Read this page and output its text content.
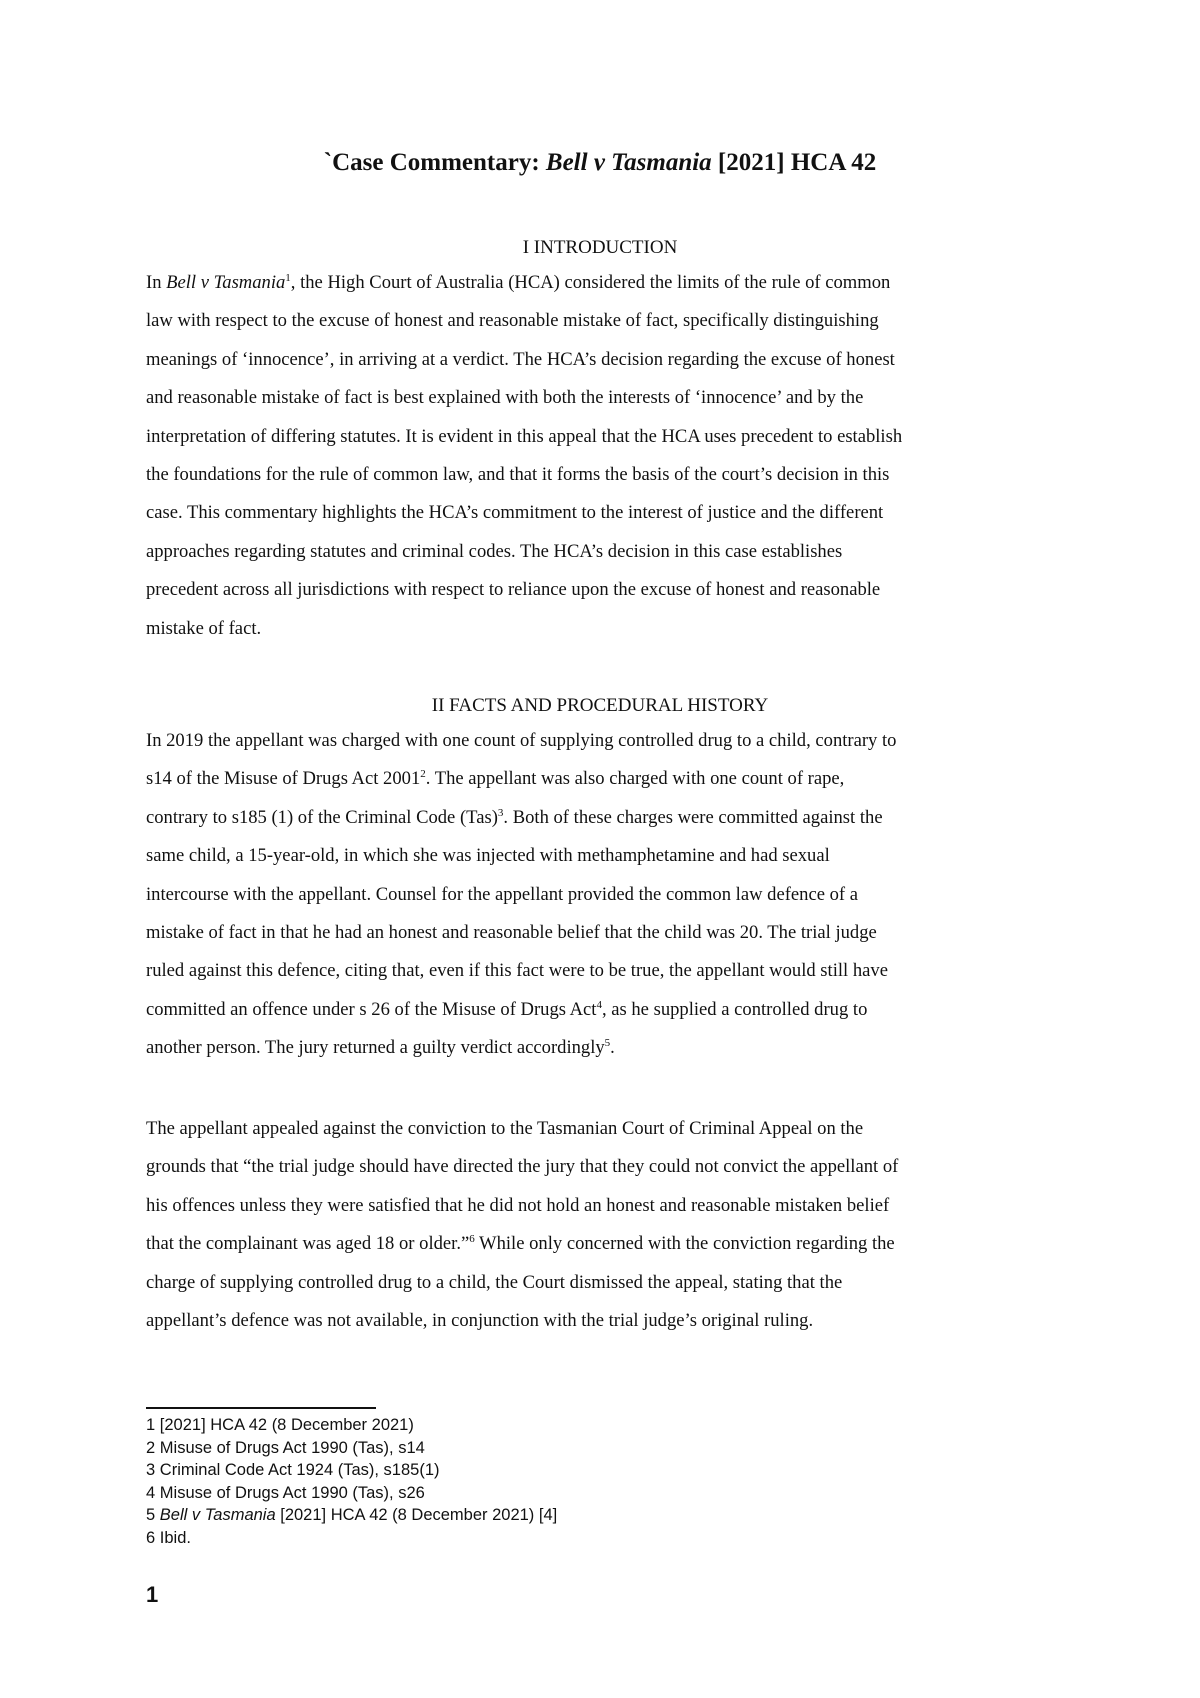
`Case Commentary: Bell v Tasmania [2021] HCA 42
I INTRODUCTION
In Bell v Tasmania$^1$, the High Court of Australia (HCA) considered the limits of the rule of common
law with respect to the excuse of honest and reasonable mistake of fact, specifically distinguishing
meanings of ‘innocence’, in arriving at a verdict. The HCA’s decision regarding the excuse of honest
and reasonable mistake of fact is best explained with both the interests of ‘innocence’ and by the
interpretation of differing statutes. It is evident in this appeal that the HCA uses precedent to establish
the foundations for the rule of common law, and that it forms the basis of the court’s decision in this
case. This commentary highlights the HCA’s commitment to the interest of justice and the different
approaches regarding statutes and criminal codes. The HCA’s decision in this case establishes
precedent across all jurisdictions with respect to reliance upon the excuse of honest and reasonable
mistake of fact.
II FACTS AND PROCEDURAL HISTORY
In 2019 the appellant was charged with one count of supplying controlled drug to a child, contrary to
s14 of the Misuse of Drugs Act 2001$^2$. The appellant was also charged with one count of rape,
contrary to s185 (1) of the Criminal Code (Tas)$^3$. Both of these charges were committed against the
same child, a 15-year-old, in which she was injected with methamphetamine and had sexual
intercourse with the appellant. Counsel for the appellant provided the common law defence of a
mistake of fact in that he had an honest and reasonable belief that the child was 20. The trial judge
ruled against this defence, citing that, even if this fact were to be true, the appellant would still have
committed an offence under s 26 of the Misuse of Drugs Act$^4$, as he supplied a controlled drug to
another person. The jury returned a guilty verdict accordingly$^5$.
The appellant appealed against the conviction to the Tasmanian Court of Criminal Appeal on the
grounds that “the trial judge should have directed the jury that they could not convict the appellant of
his offences unless they were satisfied that he did not hold an honest and reasonable mistaken belief
that the complainant was aged 18 or older.”$^6$ While only concerned with the conviction regarding the
charge of supplying controlled drug to a child, the Court dismissed the appeal, stating that the
appellant’s defence was not available, in conjunction with the trial judge’s original ruling.
1 [2021] HCA 42 (8 December 2021)
2 Misuse of Drugs Act 1990 (Tas), s14
3 Criminal Code Act 1924 (Tas), s185(1)
4 Misuse of Drugs Act 1990 (Tas), s26
5 Bell v Tasmania [2021] HCA 42 (8 December 2021) [4]
6 Ibid.
1
